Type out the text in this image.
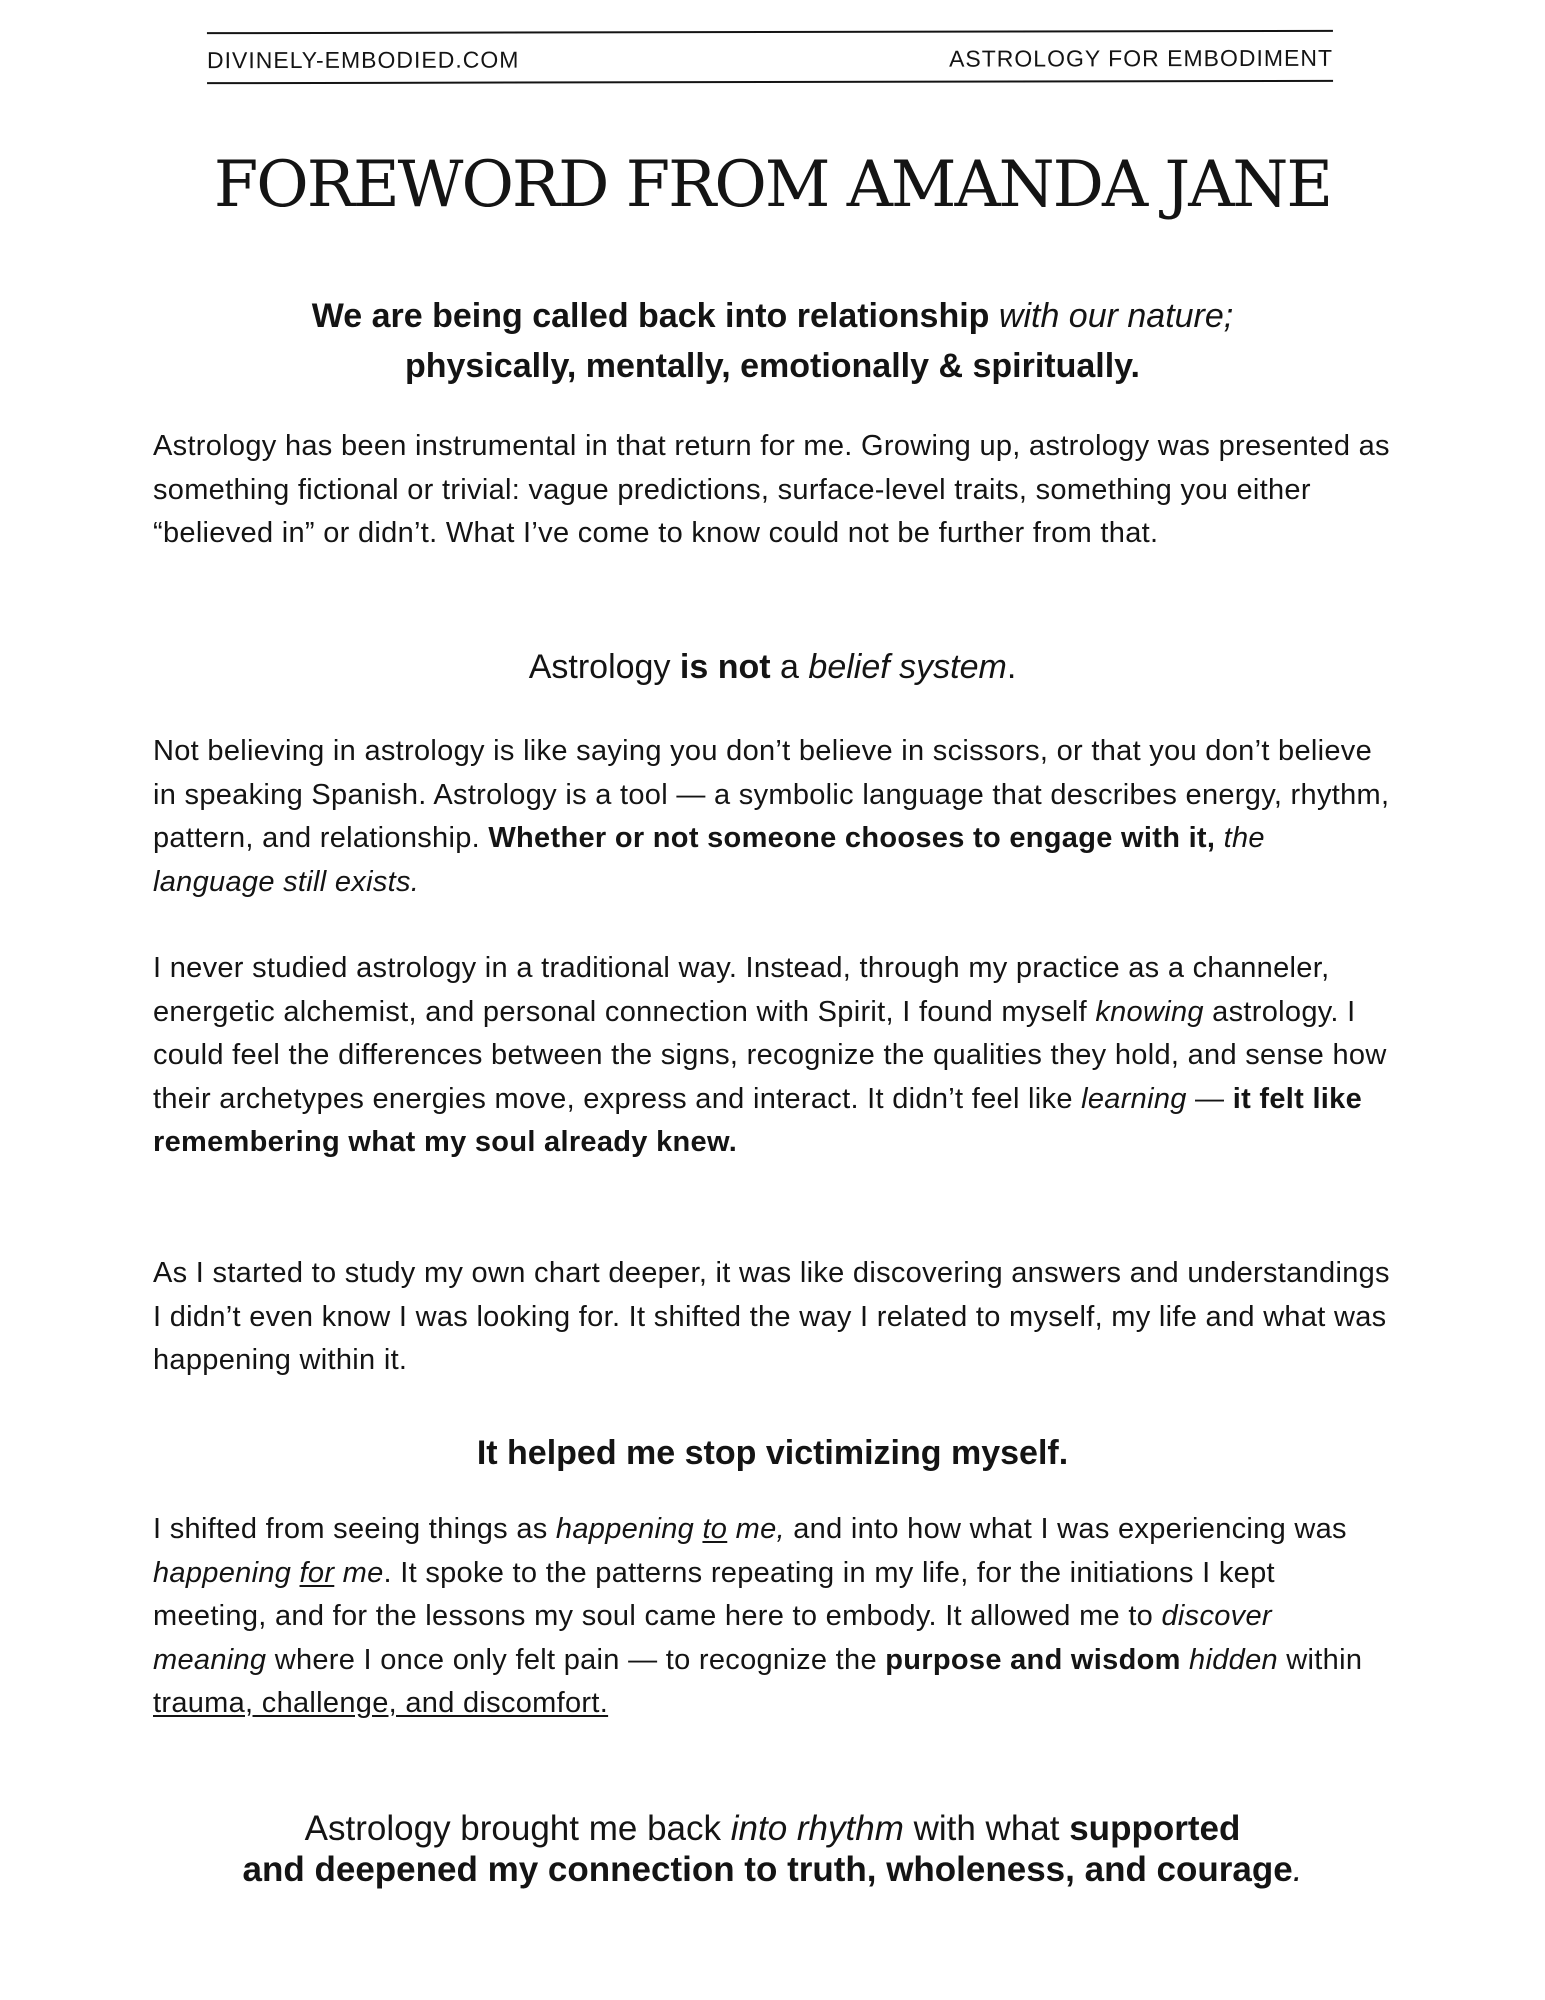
DIVINELY-EMBODIED.COM	ASTROLOGY FOR EMBODIMENT
FOREWORD FROM AMANDA JANE

We are being called back into relationship with our nature;
physically, mentally, emotionally & spiritually.

Astrology has been instrumental in that return for me. Growing up, astrology was presented as something fictional or trivial: vague predictions, surface-level traits, something you either “believed in” or didn’t. What I’ve come to know could not be further from that.

Astrology is not a belief system.

Not believing in astrology is like saying you don’t believe in scissors, or that you don’t believe in speaking Spanish. Astrology is a tool — a symbolic language that describes energy, rhythm, pattern, and relationship. Whether or not someone chooses to engage with it, the language still exists.

I never studied astrology in a traditional way. Instead, through my practice as a channeler, energetic alchemist, and personal connection with Spirit, I found myself knowing astrology. I could feel the differences between the signs, recognize the qualities they hold, and sense how their archetypes energies move, express and interact. It didn’t feel like learning — it felt like remembering what my soul already knew.

As I started to study my own chart deeper, it was like discovering answers and understandings I didn’t even know I was looking for. It shifted the way I related to myself, my life and what was happening within it.

It helped me stop victimizing myself.

I shifted from seeing things as happening to me, and into how what I was experiencing was happening for me. It spoke to the patterns repeating in my life, for the initiations I kept meeting, and for the lessons my soul came here to embody. It allowed me to discover meaning where I once only felt pain — to recognize the purpose and wisdom hidden within trauma, challenge, and discomfort.

Astrology brought me back into rhythm with what supported
and deepened my connection to truth, wholeness, and courage.
